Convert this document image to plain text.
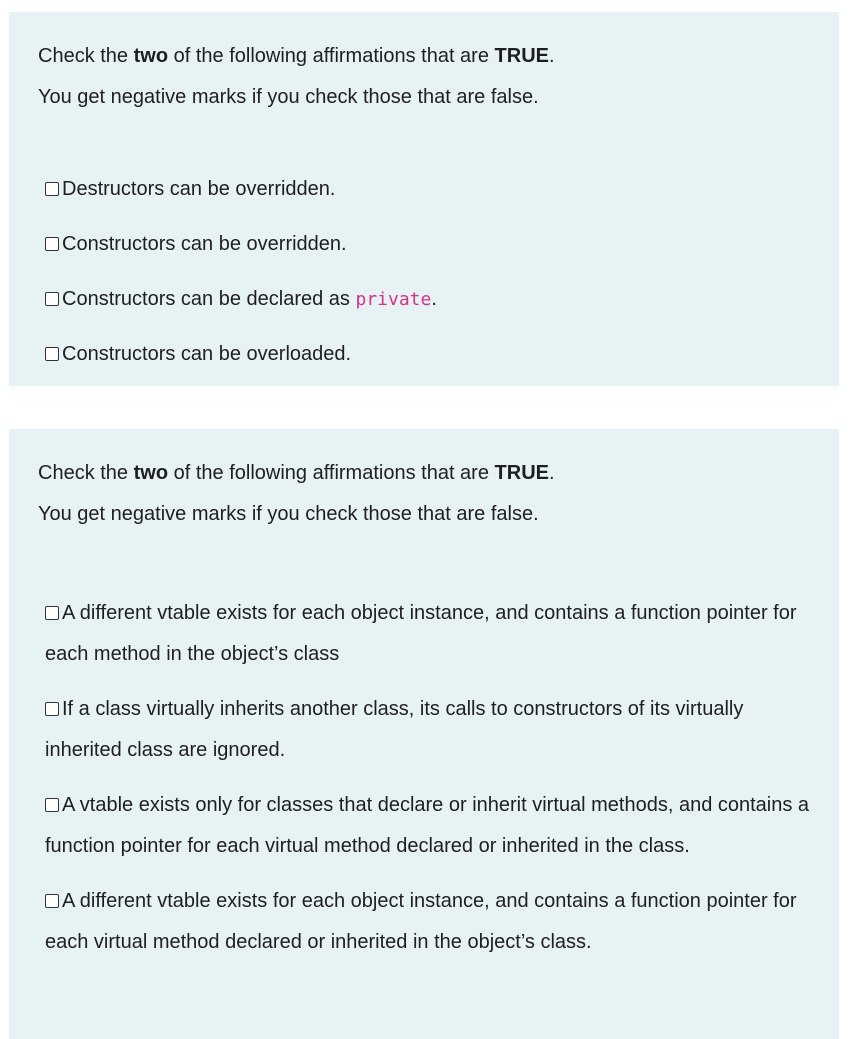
Check the two of the following affirmations that are TRUE.
You get negative marks if you check those that are false.

Destructors can be overridden.
Constructors can be overridden.
Constructors can be declared as private.
Constructors can be overloaded.

Check the two of the following affirmations that are TRUE.
You get negative marks if you check those that are false.

A different vtable exists for each object instance, and contains a function pointer for each method in the object’s class
If a class virtually inherits another class, its calls to constructors of its virtually inherited class are ignored.
A vtable exists only for classes that declare or inherit virtual methods, and contains a function pointer for each virtual method declared or inherited in the class.
A different vtable exists for each object instance, and contains a function pointer for each virtual method declared or inherited in the object’s class.
